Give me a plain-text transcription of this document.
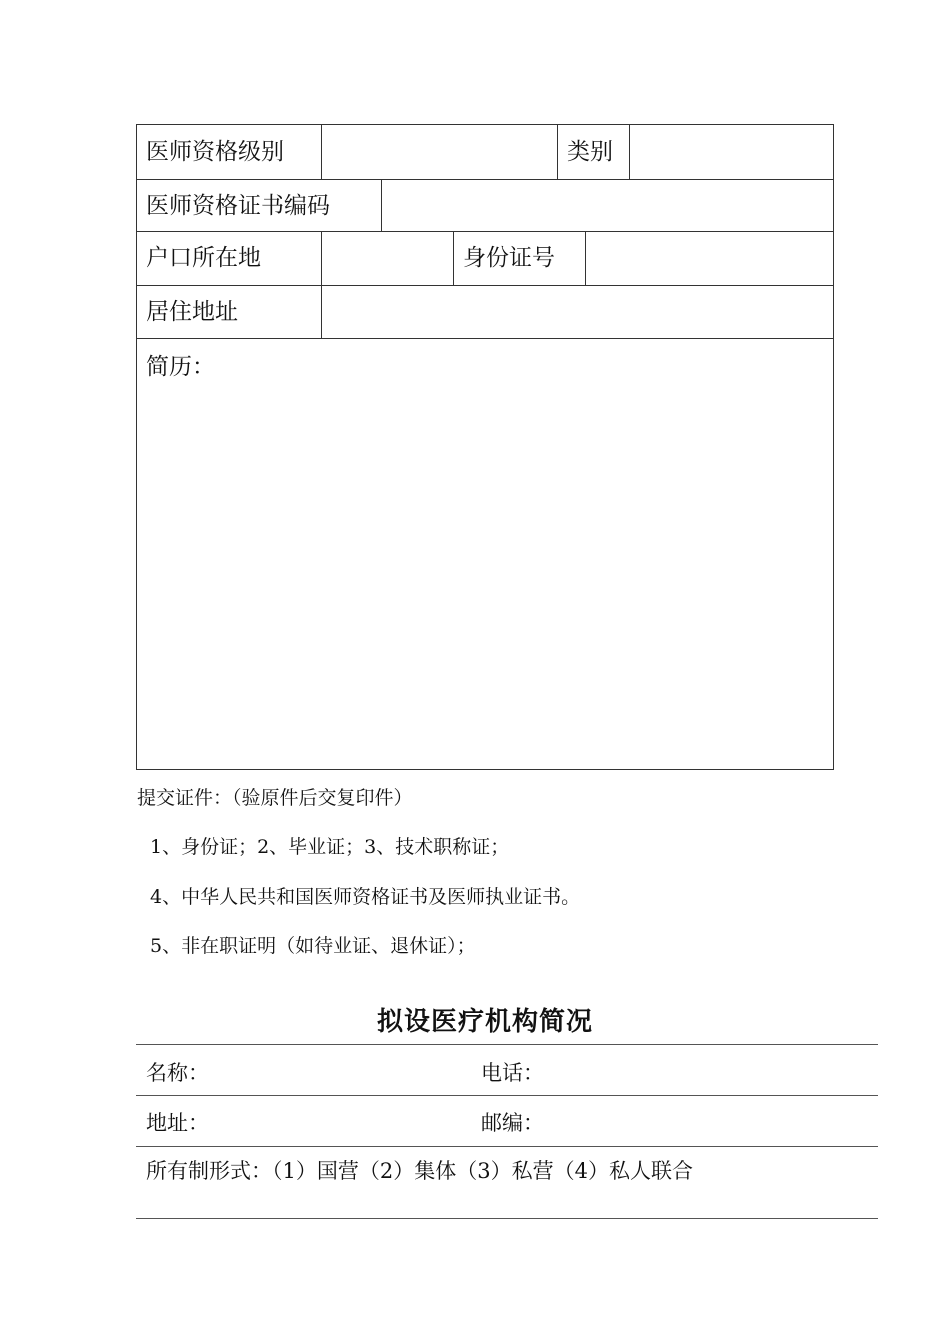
医师资格级别	类别
医师资格证书编码
户口所在地	身份证号
居住地址
简历：
提交证件：（验原件后交复印件）
1、身份证；2、毕业证；3、技术职称证；
4、中华人民共和国医师资格证书及医师执业证书。
5、非在职证明（如待业证、退休证）；
拟设医疗机构简况
名称：	电话：
地址：	邮编：
所有制形式：（1）国营（2）集体（3）私营（4）私人联合
